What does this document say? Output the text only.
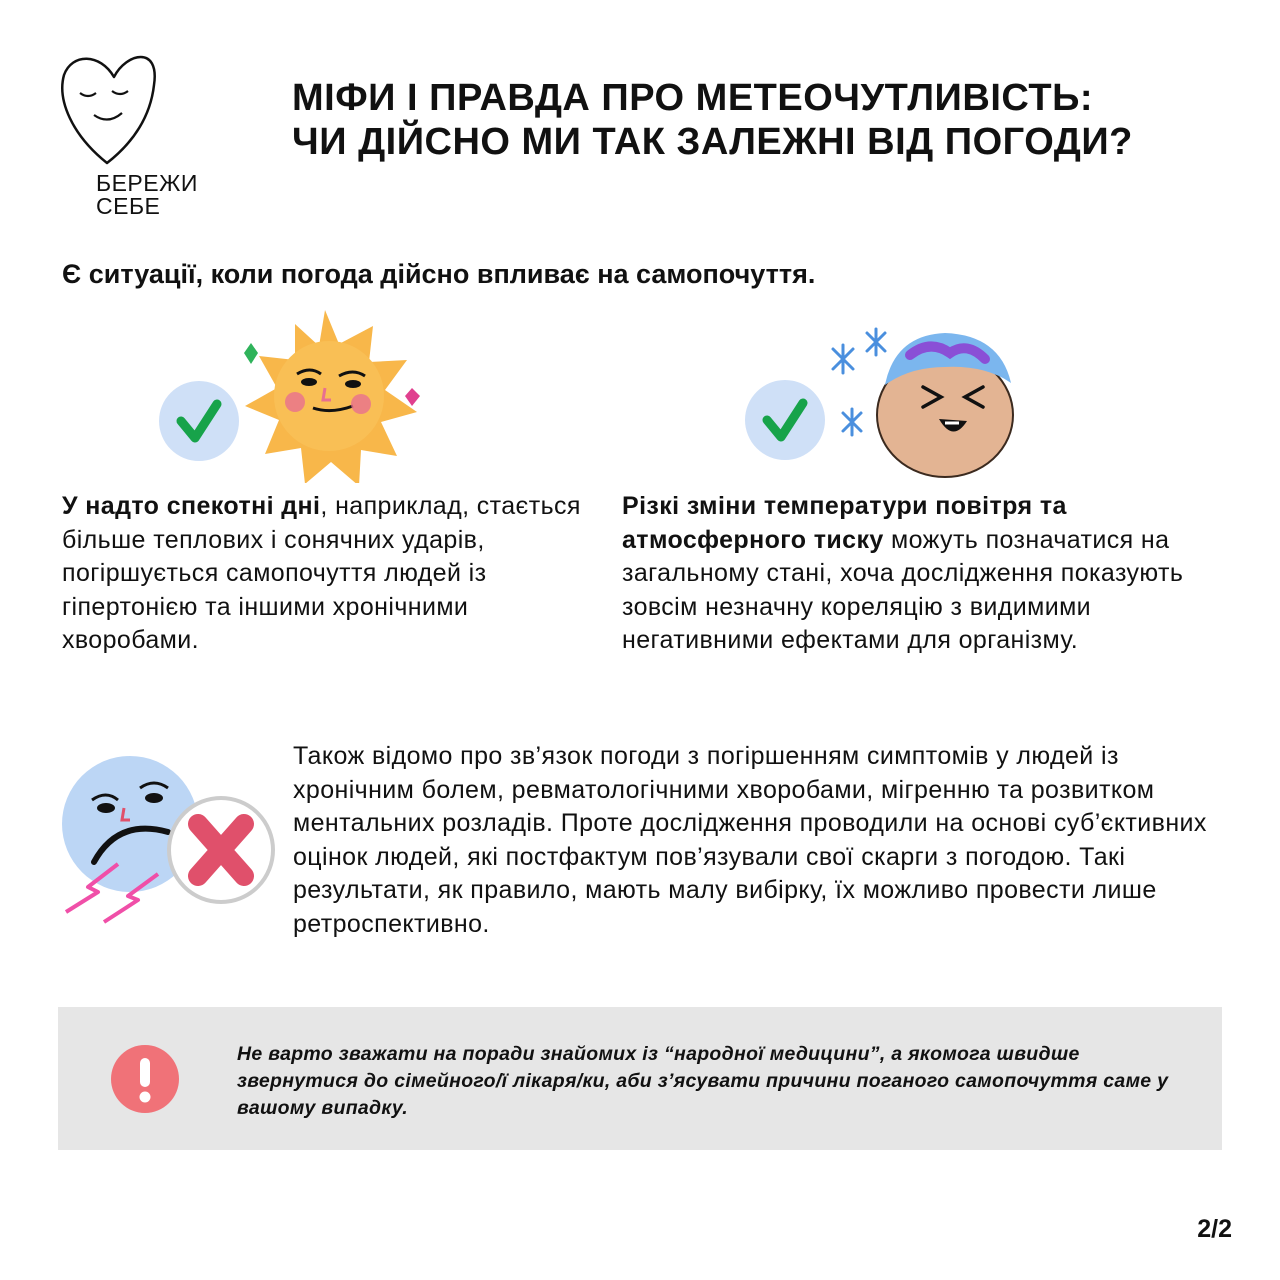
БЕРЕЖИ
СЕБЕ
МІФИ І ПРАВДА ПРО МЕТЕОЧУТЛИВІСТЬ:
ЧИ ДІЙСНО МИ ТАК ЗАЛЕЖНІ ВІД ПОГОДИ?
Є ситуації, коли погода дійсно впливає на самопочуття.
У надто спекотні дні, наприклад, стається більше теплових і сонячних ударів, погіршується самопочуття людей із гіпертонією та іншими хронічними хворобами.
Різкі зміни температури повітря та атмосферного тиску можуть позначатися на загальному стані, хоча дослідження показують зовсім незначну кореляцію з видимими негативними ефектами для організму.
Також відомо про зв’язок погоди з погіршенням симптомів у людей із хронічним болем, ревматологічними хворобами, мігренню та розвитком ментальних розладів. Проте дослідження проводили на основі суб’єктивних оцінок людей, які постфактум пов’язували свої скарги з погодою. Такі результати, як правило, мають малу вибірку, їх можливо провести лише ретроспективно.
Не варто зважати на поради знайомих із “народної медицини”, а якомога швидше звернутися до сімейного/ї лікаря/ки, аби з’ясувати причини поганого самопочуття саме у вашому випадку.
2/2
